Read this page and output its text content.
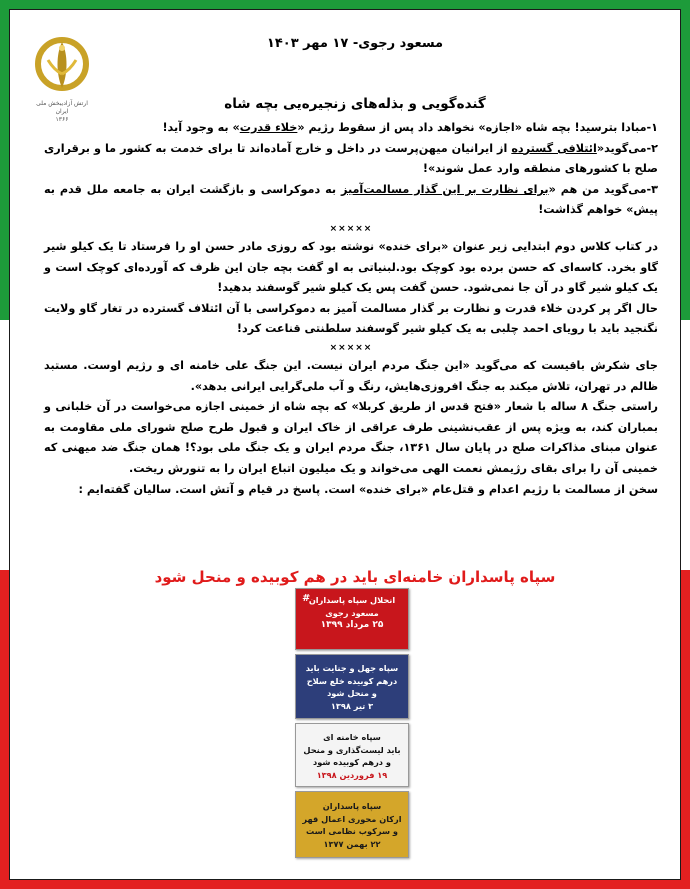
ارتش آزادیبخش ملی ایران
۱۳۶۶
مسعود رجوی- ۱۷ مهر ۱۴۰۳
گنده‌گویی و بذله‌های زنجیره‌یی بچه شاه

۱-مبادا بترسید! بچه شاه «اجازه» نخواهد داد پس از سقوط رژیم «خلاء قدرت» به وجود آید!

۲-می‌گوید«ائتلافی گسترده از ایرانیان میهن‌پرست در داخل و خارج آماده‌اند تا برای خدمت به کشور ما و برقراری صلح با کشورهای منطقه وارد عمل شوند»!

۳-می‌گوید من هم «برای نظارت بر این گذار مسالمت‌آمیز به دموکراسی و بازگشت ایران به جامعه ملل قدم به پیش» خواهم گذاشت!

×××××

در کتاب کلاس دوم ابتدایی زیر عنوان «برای خنده» نوشته بود که روزی مادر حسن او را فرستاد تا یک کیلو شیر گاو بخرد. کاسه‌ای که حسن برده بود کوچک بود.لبنیاتی به او گفت بچه جان این ظرف که آورده‌ای کوچک است و یک کیلو شیر گاو در آن جا نمی‌شود. حسن گفت پس یک کیلو شیر گوسفند بدهید!

حال اگر پر کردن خلاء قدرت و نظارت بر گذار مسالمت آمیز به دموکراسی با آن ائتلاف گسترده در تغار گاو ولایت نگنجید باید با رویای احمد چلبی به یک کیلو شیر گوسفند سلطنتی قناعت کرد!

×××××

جای شکرش باقیست که می‌گوید «این جنگ مردم ایران نیست. این جنگ علی خامنه ای و رژیم اوست. مستبد ظالم در تهران، تلاش میکند به جنگ افروزی‌هایش، رنگ و آب ملی‌گرایی ایرانی بدهد».

راستی جنگ ۸ ساله با شعار «فتح قدس از طریق کربلا» که بچه شاه از خمینی اجازه می‌خواست در آن خلبانی و بمباران کند، به ویژه پس از عقب‌نشینی طرف عراقی از خاک ایران و قبول طرح صلح شورای ملی مقاومت به عنوان مبنای مذاکرات صلح در پایان سال ۱۳۶۱، جنگ مردم ایران و یک جنگ ملی بود؟! همان جنگ ضد میهنی که خمینی آن را برای بقای رژیمش نعمت الهی می‌خواند و یک میلیون اتباع ایران را به تنورش ریخت.

سخن از مسالمت با رژیم اعدام و قتل‌عام «برای خنده» است. پاسخ در قیام و آتش است. سالیان گفته‌ایم :

سپاه پاسداران خامنه‌ای باید در هم کوبیده و منحل شود
# انحلال سپاه پاسداران
مسعود رجوی
۲۵ مرداد ۱۳۹۹
سپاه جهل و جنایت باید
درهم کوبیده خلع سلاح
و منحل شود
۳ تیر ۱۳۹۸
سپاه خامنه ای
باید لیست‌گذاری و منحل
و درهم کوبیده شود
۱۹ فروردین ۱۳۹۸
سپاه پاسداران
ارکان محوری اعمال قهر
و سرکوب نظامی است
۲۲ بهمن ۱۳۷۷
